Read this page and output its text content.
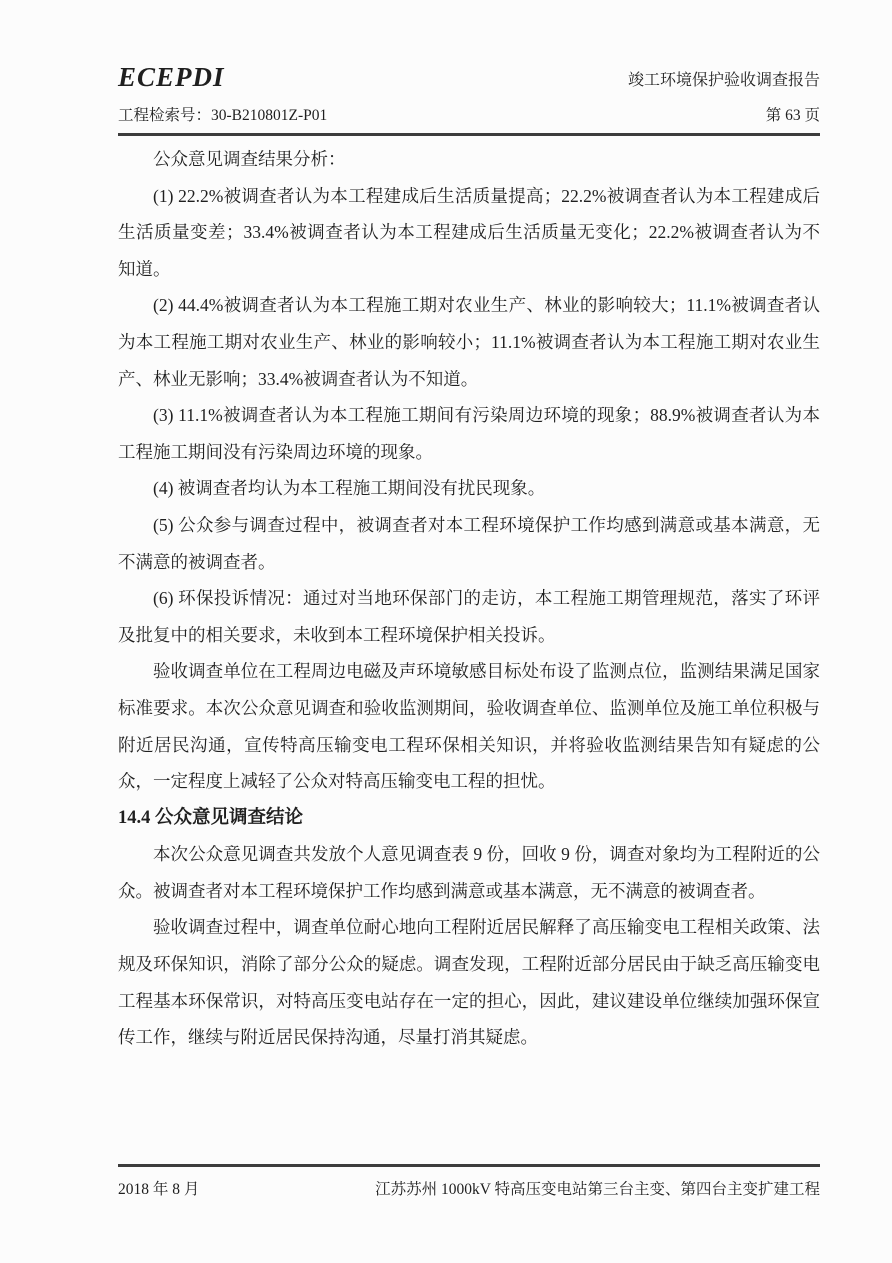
ECEPDI	竣工环境保护验收调查报告
工程检索号：30-B210801Z-P01	第 63 页

公众意见调查结果分析：

(1) 22.2%被调查者认为本工程建成后生活质量提高；22.2%被调查者认为本工程建成后生活质量变差；33.4%被调查者认为本工程建成后生活质量无变化；22.2%被调查者认为不知道。

(2) 44.4%被调查者认为本工程施工期对农业生产、林业的影响较大；11.1%被调查者认为本工程施工期对农业生产、林业的影响较小；11.1%被调查者认为本工程施工期对农业生产、林业无影响；33.4%被调查者认为不知道。

(3) 11.1%被调查者认为本工程施工期间有污染周边环境的现象；88.9%被调查者认为本工程施工期间没有污染周边环境的现象。

(4) 被调查者均认为本工程施工期间没有扰民现象。

(5) 公众参与调查过程中，被调查者对本工程环境保护工作均感到满意或基本满意，无不满意的被调查者。

(6) 环保投诉情况：通过对当地环保部门的走访，本工程施工期管理规范，落实了环评及批复中的相关要求，未收到本工程环境保护相关投诉。

验收调查单位在工程周边电磁及声环境敏感目标处布设了监测点位，监测结果满足国家标准要求。本次公众意见调查和验收监测期间，验收调查单位、监测单位及施工单位积极与附近居民沟通，宣传特高压输变电工程环保相关知识，并将验收监测结果告知有疑虑的公众，一定程度上减轻了公众对特高压输变电工程的担忧。

14.4 公众意见调查结论

本次公众意见调查共发放个人意见调查表 9 份，回收 9 份，调查对象均为工程附近的公众。被调查者对本工程环境保护工作均感到满意或基本满意，无不满意的被调查者。

验收调查过程中，调查单位耐心地向工程附近居民解释了高压输变电工程相关政策、法规及环保知识，消除了部分公众的疑虑。调查发现，工程附近部分居民由于缺乏高压输变电工程基本环保常识，对特高压变电站存在一定的担心，因此，建议建设单位继续加强环保宣传工作，继续与附近居民保持沟通，尽量打消其疑虑。

2018 年 8 月	江苏苏州 1000kV 特高压变电站第三台主变、第四台主变扩建工程
